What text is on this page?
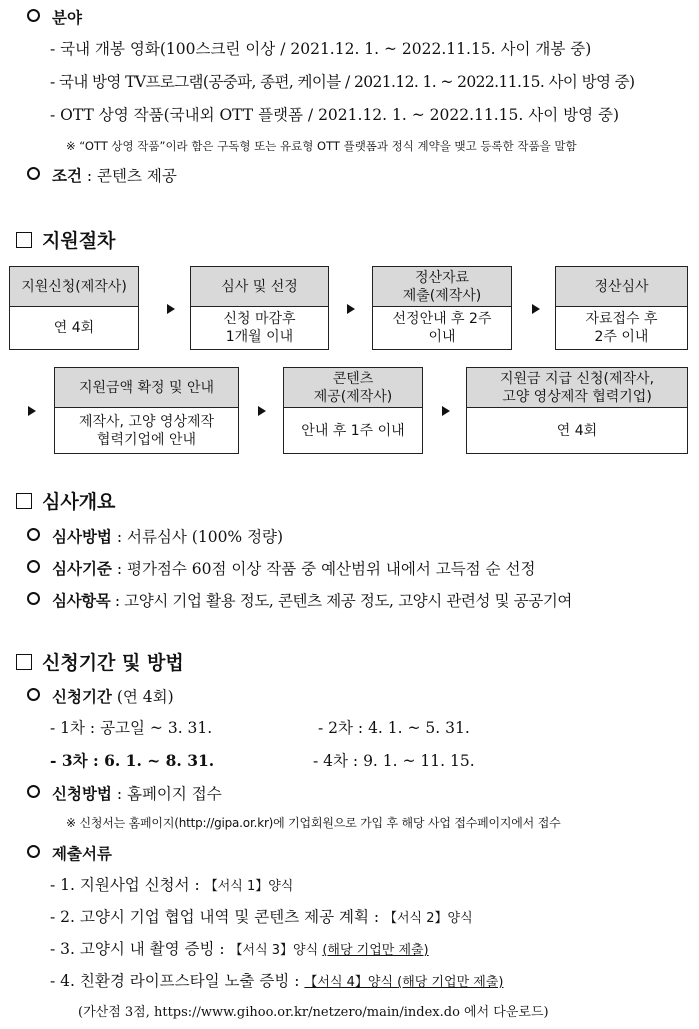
분야
- 국내 개봉 영화(100스크린 이상 / 2021.12. 1. ~ 2022.11.15. 사이 개봉 중)
- 국내 방영 TV프로그램(공중파, 종편, 케이블 / 2021.12. 1. ~ 2022.11.15. 사이 방영 중)
- OTT 상영 작품(국내외 OTT 플랫폼 / 2021.12. 1. ~ 2022.11.15. 사이 방영 중)
※ “OTT 상영 작품”이라 함은 구독형 또는 유료형 OTT 플랫폼과 정식 계약을 맺고 등록한 작품을 말함
조건 : 콘텐츠 제공
지원절차
지원신청(제작사)
연 4회
심사 및 선정
신청 마감후
1개월 이내
정산자료
제출(제작사)
선정안내 후 2주
이내
정산심사
자료접수 후
2주 이내
지원금액 확정 및 안내
제작사, 고양 영상제작
협력기업에 안내
콘텐츠
제공(제작사)
안내 후 1주 이내
지원금 지급 신청(제작사,
고양 영상제작 협력기업)
연 4회
심사개요
심사방법 : 서류심사 (100% 정량)
심사기준 : 평가점수 60점 이상 작품 중 예산범위 내에서 고득점 순 선정
심사항목 : 고양시 기업 활용 정도, 콘텐츠 제공 정도, 고양시 관련성 및 공공기여
신청기간 및 방법
신청기간 (연 4회)
- 1차 : 공고일 ~ 3. 31.	- 2차 : 4. 1. ~ 5. 31.
- 3차 : 6. 1. ~ 8. 31.	- 4차 : 9. 1. ~ 11. 15.
신청방법 : 홈페이지 접수
※ 신청서는 홈페이지(http://gipa.or.kr)에 기업회원으로 가입 후 해당 사업 접수페이지에서 접수
제출서류
- 1. 지원사업 신청서 : 【서식 1】양식
- 2. 고양시 기업 협업 내역 및 콘텐츠 제공 계획 : 【서식 2】양식
- 3. 고양시 내 촬영 증빙 : 【서식 3】양식 (해당 기업만 제출)
- 4. 친환경 라이프스타일 노출 증빙 : 【서식 4】양식 (해당 기업만 제출)
(가산점 3점, https://www.gihoo.or.kr/netzero/main/index.do 에서 다운로드)
